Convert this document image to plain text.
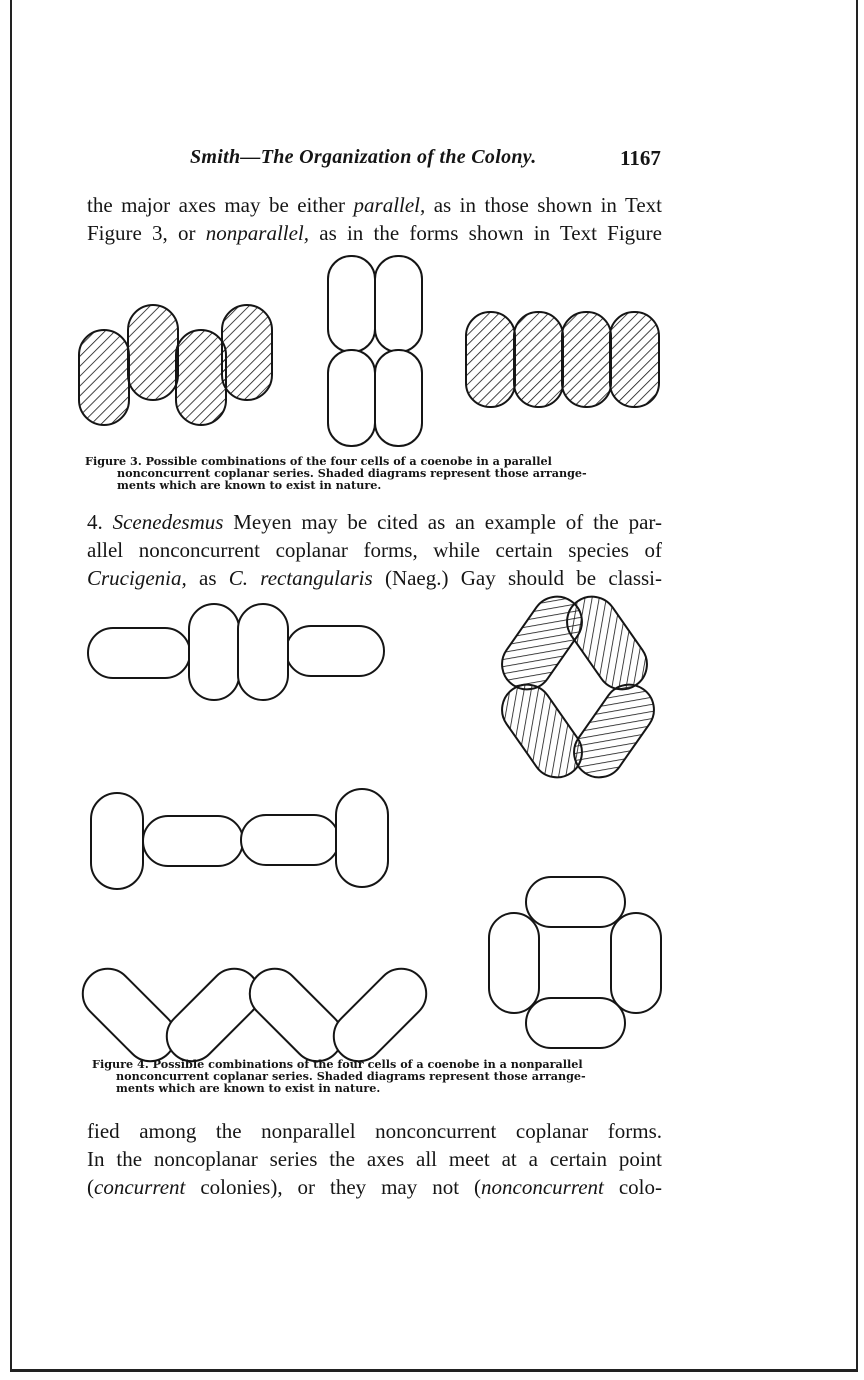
Smith—The Organization of the Colony.	1167
the major axes may be either parallel, as in those shown in Text
Figure 3, or nonparallel, as in the forms shown in Text Figure
Figure 3. Possible combinations of the four cells of a coenobe in a parallel
nonconcurrent coplanar series. Shaded diagrams represent those arrange-
ments which are known to exist in nature.
4. Scenedesmus Meyen may be cited as an example of the par-
allel nonconcurrent coplanar forms, while certain species of
Crucigenia, as C. rectangularis (Naeg.) Gay should be classi-
Figure 4. Possible combinations of the four cells of a coenobe in a nonparallel
nonconcurrent coplanar series. Shaded diagrams represent those arrange-
ments which are known to exist in nature.
fied among the nonparallel nonconcurrent coplanar forms.
In the noncoplanar series the axes all meet at a certain point
(concurrent colonies), or they may not (nonconcurrent colo-
